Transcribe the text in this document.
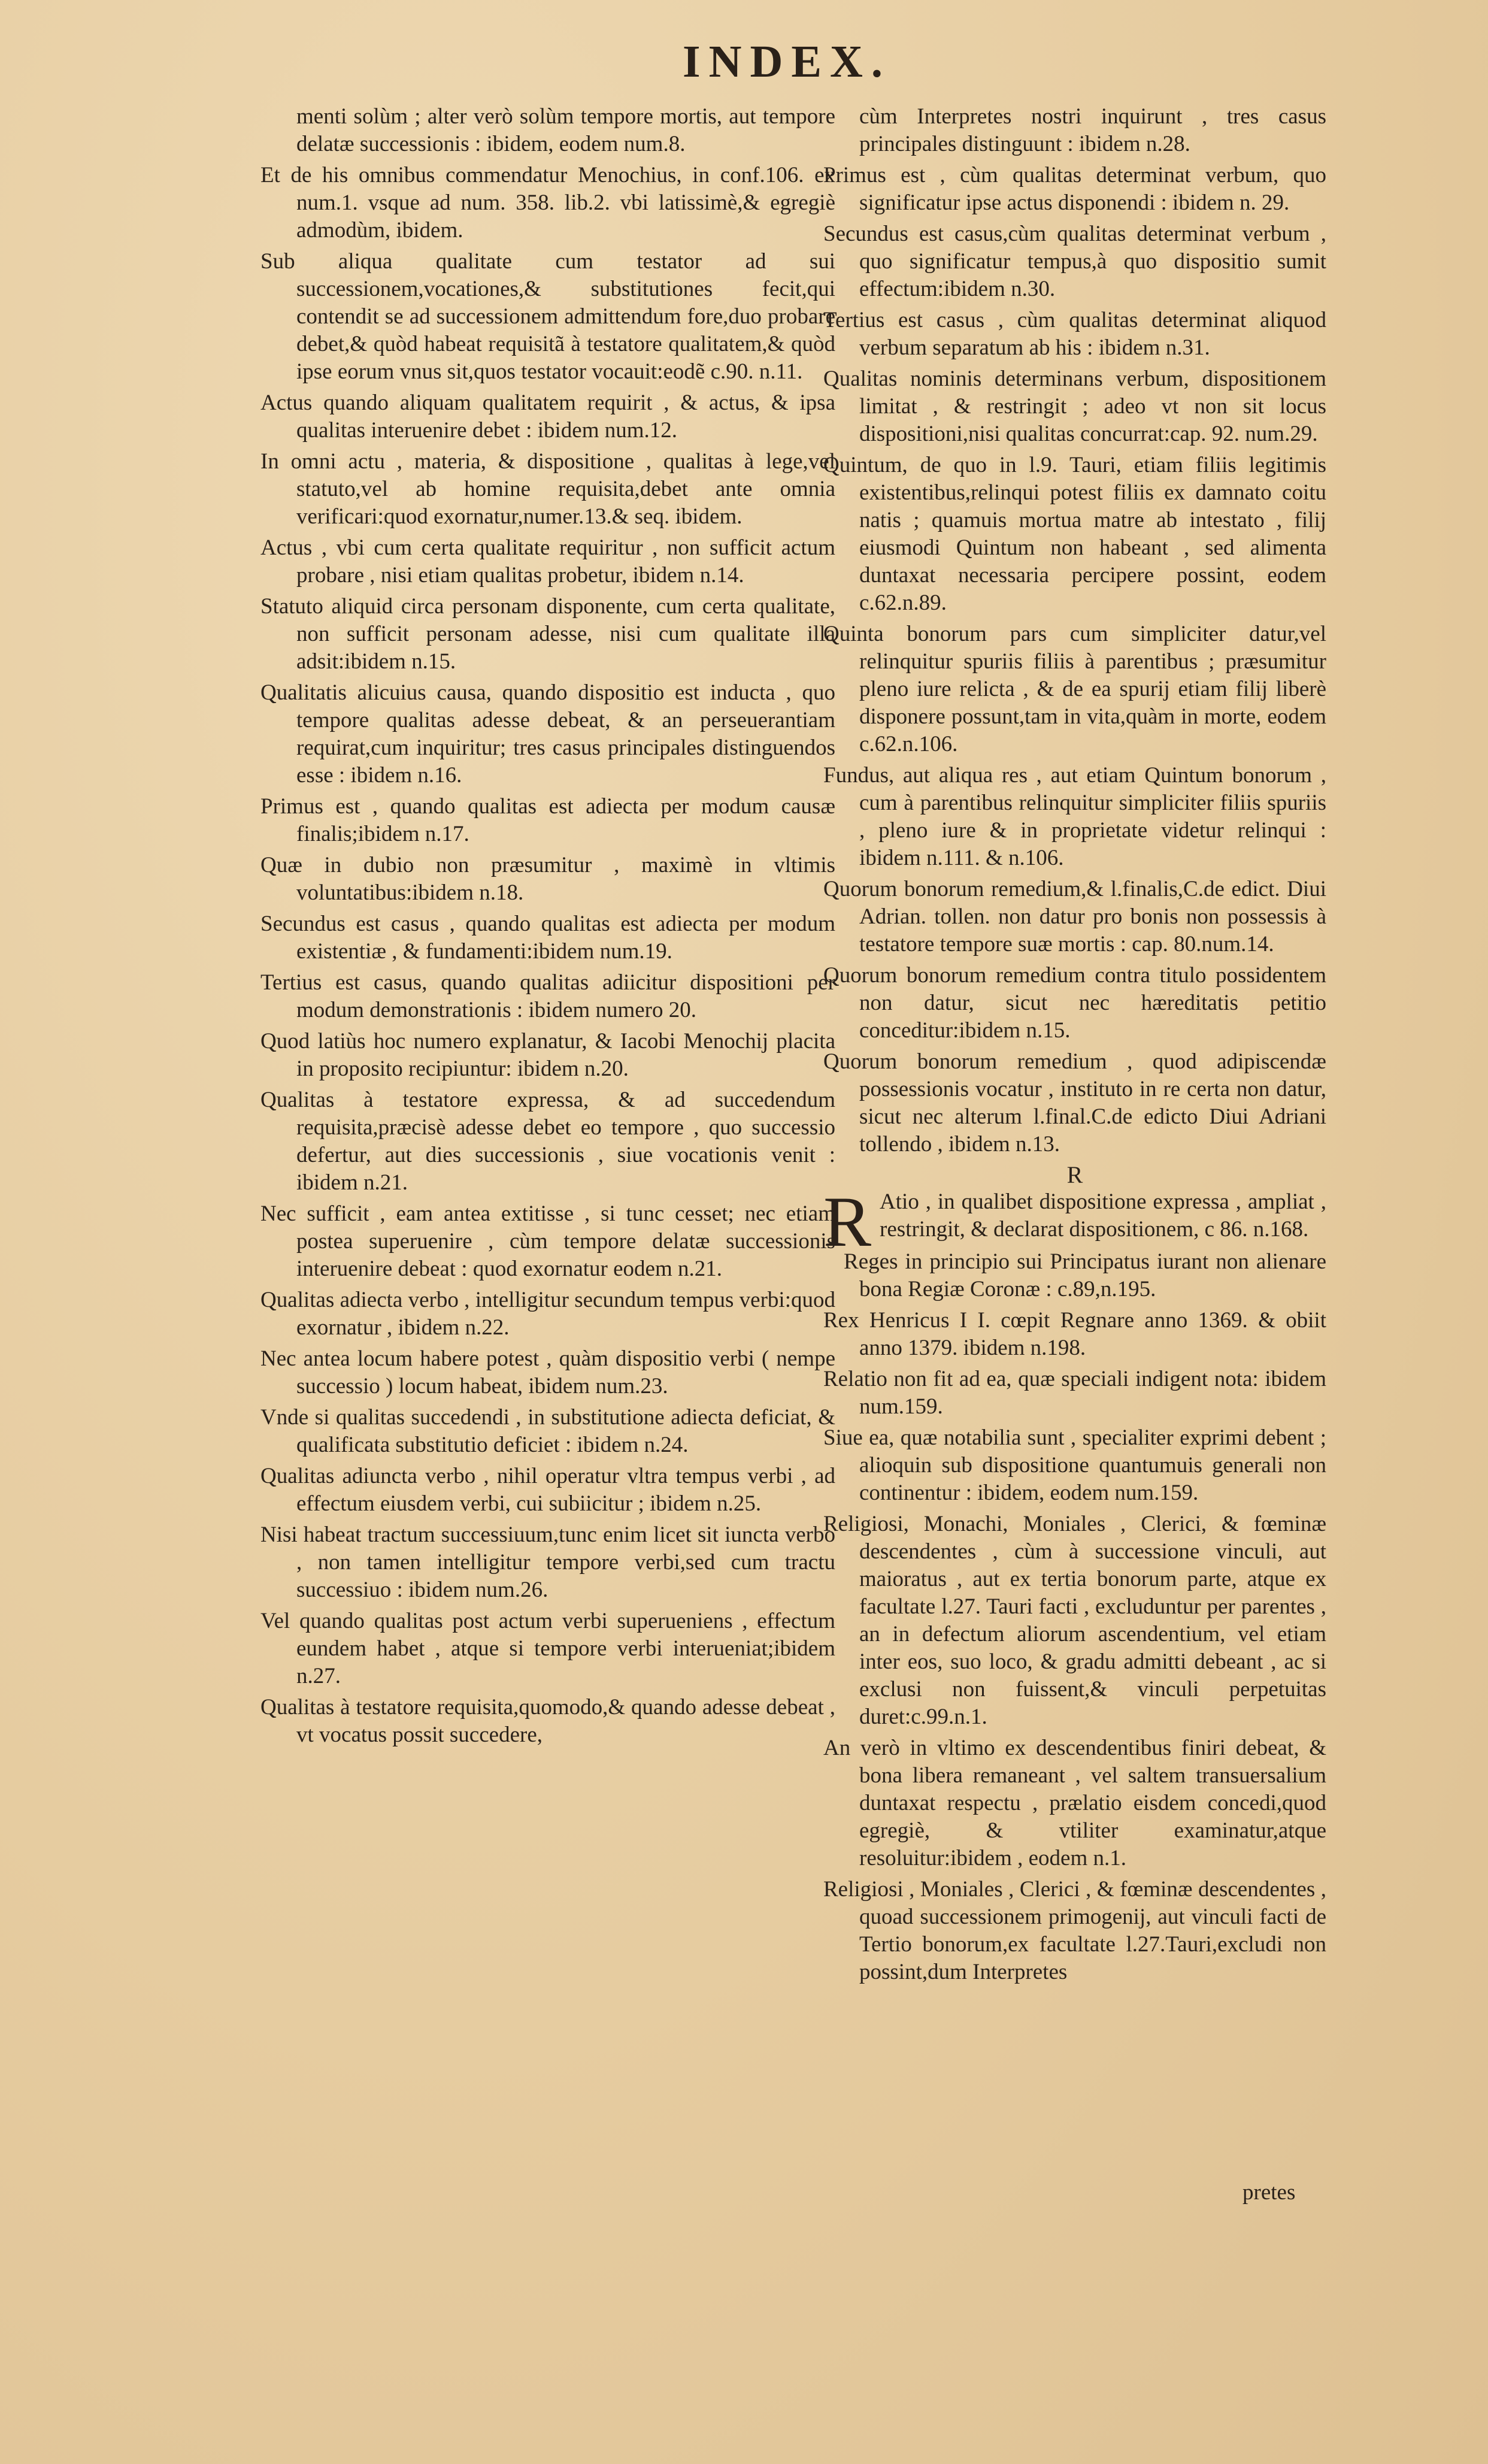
INDEX.

menti solùm ; alter verò solùm tempore mortis, aut tempore delatæ successionis : ibidem, eodem num.8.

Et de his omnibus commendatur Menochius, in conf.106. ex num.1. vsque ad num. 358. lib.2. vbi latissimè,& egregiè admodùm, ibidem.

Sub aliqua qualitate cum testator ad sui successionem,vocationes,& substitutiones fecit,qui contendit se ad successionem admittendum fore,duo probare debet,& quòd habeat requisitã à testatore qualitatem,& quòd ipse eorum vnus sit,quos testator vocauit:eodẽ c.90. n.11.

Actus quando aliquam qualitatem requirit , & actus, & ipsa qualitas interuenire debet : ibidem num.12.

In omni actu , materia, & dispositione , qualitas à lege,vel statuto,vel ab homine requisita,debet ante omnia verificari:quod exornatur,numer.13.& seq. ibidem.

Actus , vbi cum certa qualitate requiritur , non sufficit actum probare , nisi etiam qualitas probetur, ibidem n.14.

Statuto aliquid circa personam disponente, cum certa qualitate, non sufficit personam adesse, nisi cum qualitate illa adsit:ibidem n.15.

Qualitatis alicuius causa, quando dispositio est inducta , quo tempore qualitas adesse debeat, & an perseuerantiam requirat,cum inquiritur; tres casus principales distinguendos esse : ibidem n.16.

Primus est , quando qualitas est adiecta per modum causæ finalis;ibidem n.17.

Quæ in dubio non præsumitur , maximè in vltimis voluntatibus:ibidem n.18.

Secundus est casus , quando qualitas est adiecta per modum existentiæ , & fundamenti:ibidem num.19.

Tertius est casus, quando qualitas adiicitur dispositioni per modum demonstrationis : ibidem numero 20.

Quod latiùs hoc numero explanatur, & Iacobi Menochij placita in proposito recipiuntur: ibidem n.20.

Qualitas à testatore expressa, & ad succedendum requisita,præcisè adesse debet eo tempore , quo successio defertur, aut dies successionis , siue vocationis venit : ibidem n.21.

Nec sufficit , eam antea extitisse , si tunc cesset; nec etiam postea superuenire , cùm tempore delatæ successionis interuenire debeat : quod exornatur eodem n.21.

Qualitas adiecta verbo , intelligitur secundum tempus verbi:quod exornatur , ibidem n.22.

Nec antea locum habere potest , quàm dispositio verbi ( nempe successio ) locum habeat, ibidem num.23.

Vnde si qualitas succedendi , in substitutione adiecta deficiat, & qualificata substitutio deficiet : ibidem n.24.

Qualitas adiuncta verbo , nihil operatur vltra tempus verbi , ad effectum eiusdem verbi, cui subiicitur ; ibidem n.25.

Nisi habeat tractum successiuum,tunc enim licet sit iuncta verbo , non tamen intelligitur tempore verbi,sed cum tractu successiuo : ibidem num.26.

Vel quando qualitas post actum verbi superueniens , effectum eundem habet , atque si tempore verbi interueniat;ibidem n.27.

Qualitas à testatore requisita,quomodo,& quando adesse debeat , vt vocatus possit succedere,

cùm Interpretes nostri inquirunt , tres casus principales distinguunt : ibidem n.28.

Primus est , cùm qualitas determinat verbum, quo significatur ipse actus disponendi : ibidem n. 29.

Secundus est casus,cùm qualitas determinat verbum , quo significatur tempus,à quo dispositio sumit effectum:ibidem n.30.

Tertius est casus , cùm qualitas determinat aliquod verbum separatum ab his : ibidem n.31.

Qualitas nominis determinans verbum, dispositionem limitat , & restringit ; adeo vt non sit locus dispositioni,nisi qualitas concurrat:cap. 92. num.29.

Quintum, de quo in l.9. Tauri, etiam filiis legitimis existentibus,relinqui potest filiis ex damnato coitu natis ; quamuis mortua matre ab intestato , filij eiusmodi Quintum non habeant , sed alimenta duntaxat necessaria percipere possint, eodem c.62.n.89.

Quinta bonorum pars cum simpliciter datur,vel relinquitur spuriis filiis à parentibus ; præsumitur pleno iure relicta , & de ea spurij etiam filij liberè disponere possunt,tam in vita,quàm in morte, eodem c.62.n.106.

Fundus, aut aliqua res , aut etiam Quintum bonorum , cum à parentibus relinquitur simpliciter filiis spuriis , pleno iure & in proprietate videtur relinqui : ibidem n.111. & n.106.

Quorum bonorum remedium,& l.finalis,C.de edict. Diui Adrian. tollen. non datur pro bonis non possessis à testatore tempore suæ mortis : cap. 80.num.14.

Quorum bonorum remedium contra titulo possidentem non datur, sicut nec hæreditatis petitio conceditur:ibidem n.15.

Quorum bonorum remedium , quod adipiscendæ possessionis vocatur , instituto in re certa non datur, sicut nec alterum l.final.C.de edicto Diui Adriani tollendo , ibidem n.13.

R

R Atio , in qualibet dispositione expressa , ampliat , restringit, & declarat dispositionem, c 86. n.168.

Reges in principio sui Principatus iurant non alienare bona Regiæ Coronæ : c.89,n.195.

Rex Henricus I I. cœpit Regnare anno 1369. & obiit anno 1379. ibidem n.198.

Relatio non fit ad ea, quæ speciali indigent nota: ibidem num.159.

Siue ea, quæ notabilia sunt , specialiter exprimi debent ; alioquin sub dispositione quantumuis generali non continentur : ibidem, eodem num.159.

Religiosi, Monachi, Moniales , Clerici, & fœminæ descendentes , cùm à successione vinculi, aut maioratus , aut ex tertia bonorum parte, atque ex facultate l.27. Tauri facti , excluduntur per parentes , an in defectum aliorum ascendentium, vel etiam inter eos, suo loco, & gradu admitti debeant , ac si exclusi non fuissent,& vinculi perpetuitas duret:c.99.n.1.

An verò in vltimo ex descendentibus finiri debeat, & bona libera remaneant , vel saltem transuersalium duntaxat respectu , prælatio eisdem concedi,quod egregiè, & vtiliter examinatur,atque resoluitur:ibidem , eodem n.1.

Religiosi , Moniales , Clerici , & fœminæ descendentes , quoad successionem primogenij, aut vinculi facti de Tertio bonorum,ex facultate l.27.Tauri,excludi non possint,dum Interpretes

pretes
